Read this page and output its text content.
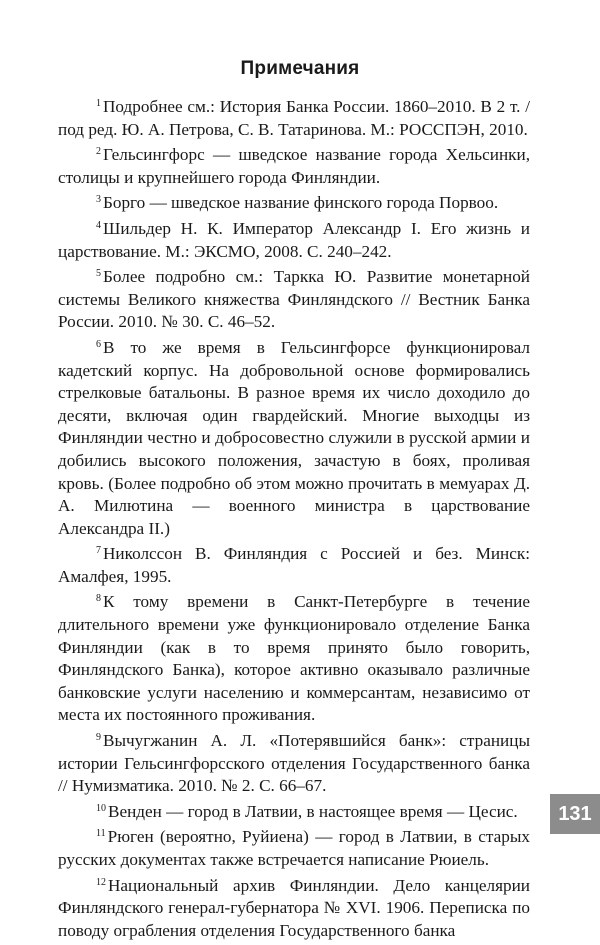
Примечания

$^1$ Подробнее см.: История Банка России. 1860–2010. В 2 т. / под ред. Ю. А. Петрова, С. В. Татаринова. М.: РОССПЭН, 2010.

$^2$ Гельсингфорс — шведское название города Хельсинки, столицы и крупнейшего города Финляндии.

$^3$ Борго — шведское название финского города Порвоо.

$^4$ Шильдер Н. К. Император Александр I. Его жизнь и царствование. М.: ЭКСМО, 2008. С. 240–242.

$^5$ Более подробно см.: Таркка Ю. Развитие монетарной системы Великого княжества Финляндского // Вестник Банка России. 2010. № 30. С. 46–52.

$^6$ В то же время в Гельсингфорсе функционировал кадетский корпус. На добровольной основе формировались стрелковые батальоны. В разное время их число доходило до десяти, включая один гвардейский. Многие выходцы из Финляндии честно и добросовестно служили в русской армии и добились высокого положения, зачастую в боях, проливая кровь. (Более подробно об этом можно прочитать в мемуарах Д. А. Милютина — военного министра в царствование Александра II.)

$^7$ Николссон В. Финляндия с Россией и без. Минск: Амалфея, 1995.

$^8$ К тому времени в Санкт-Петербурге в течение длительного времени уже функционировало отделение Банка Финляндии (как в то время принято было говорить, Финляндского Банка), которое активно оказывало различные банковские услуги населению и коммерсантам, независимо от места их постоянного проживания.

$^9$ Вычугжанин А. Л. «Потерявшийся банк»: страницы истории Гельсингфорсского отделения Государственного банка // Нумизматика. 2010. № 2. С. 66–67.

$^{10}$ Венден — город в Латвии, в настоящее время — Цесис.

$^{11}$ Рюген (вероятно, Руйиена) — город в Латвии, в старых русских документах также встречается написание Рюиель.

$^{12}$ Национальный архив Финляндии. Дело канцелярии Финляндского генерал-губернатора № XVI. 1906. Переписка по поводу ограбления отделения Государственного банка

131
